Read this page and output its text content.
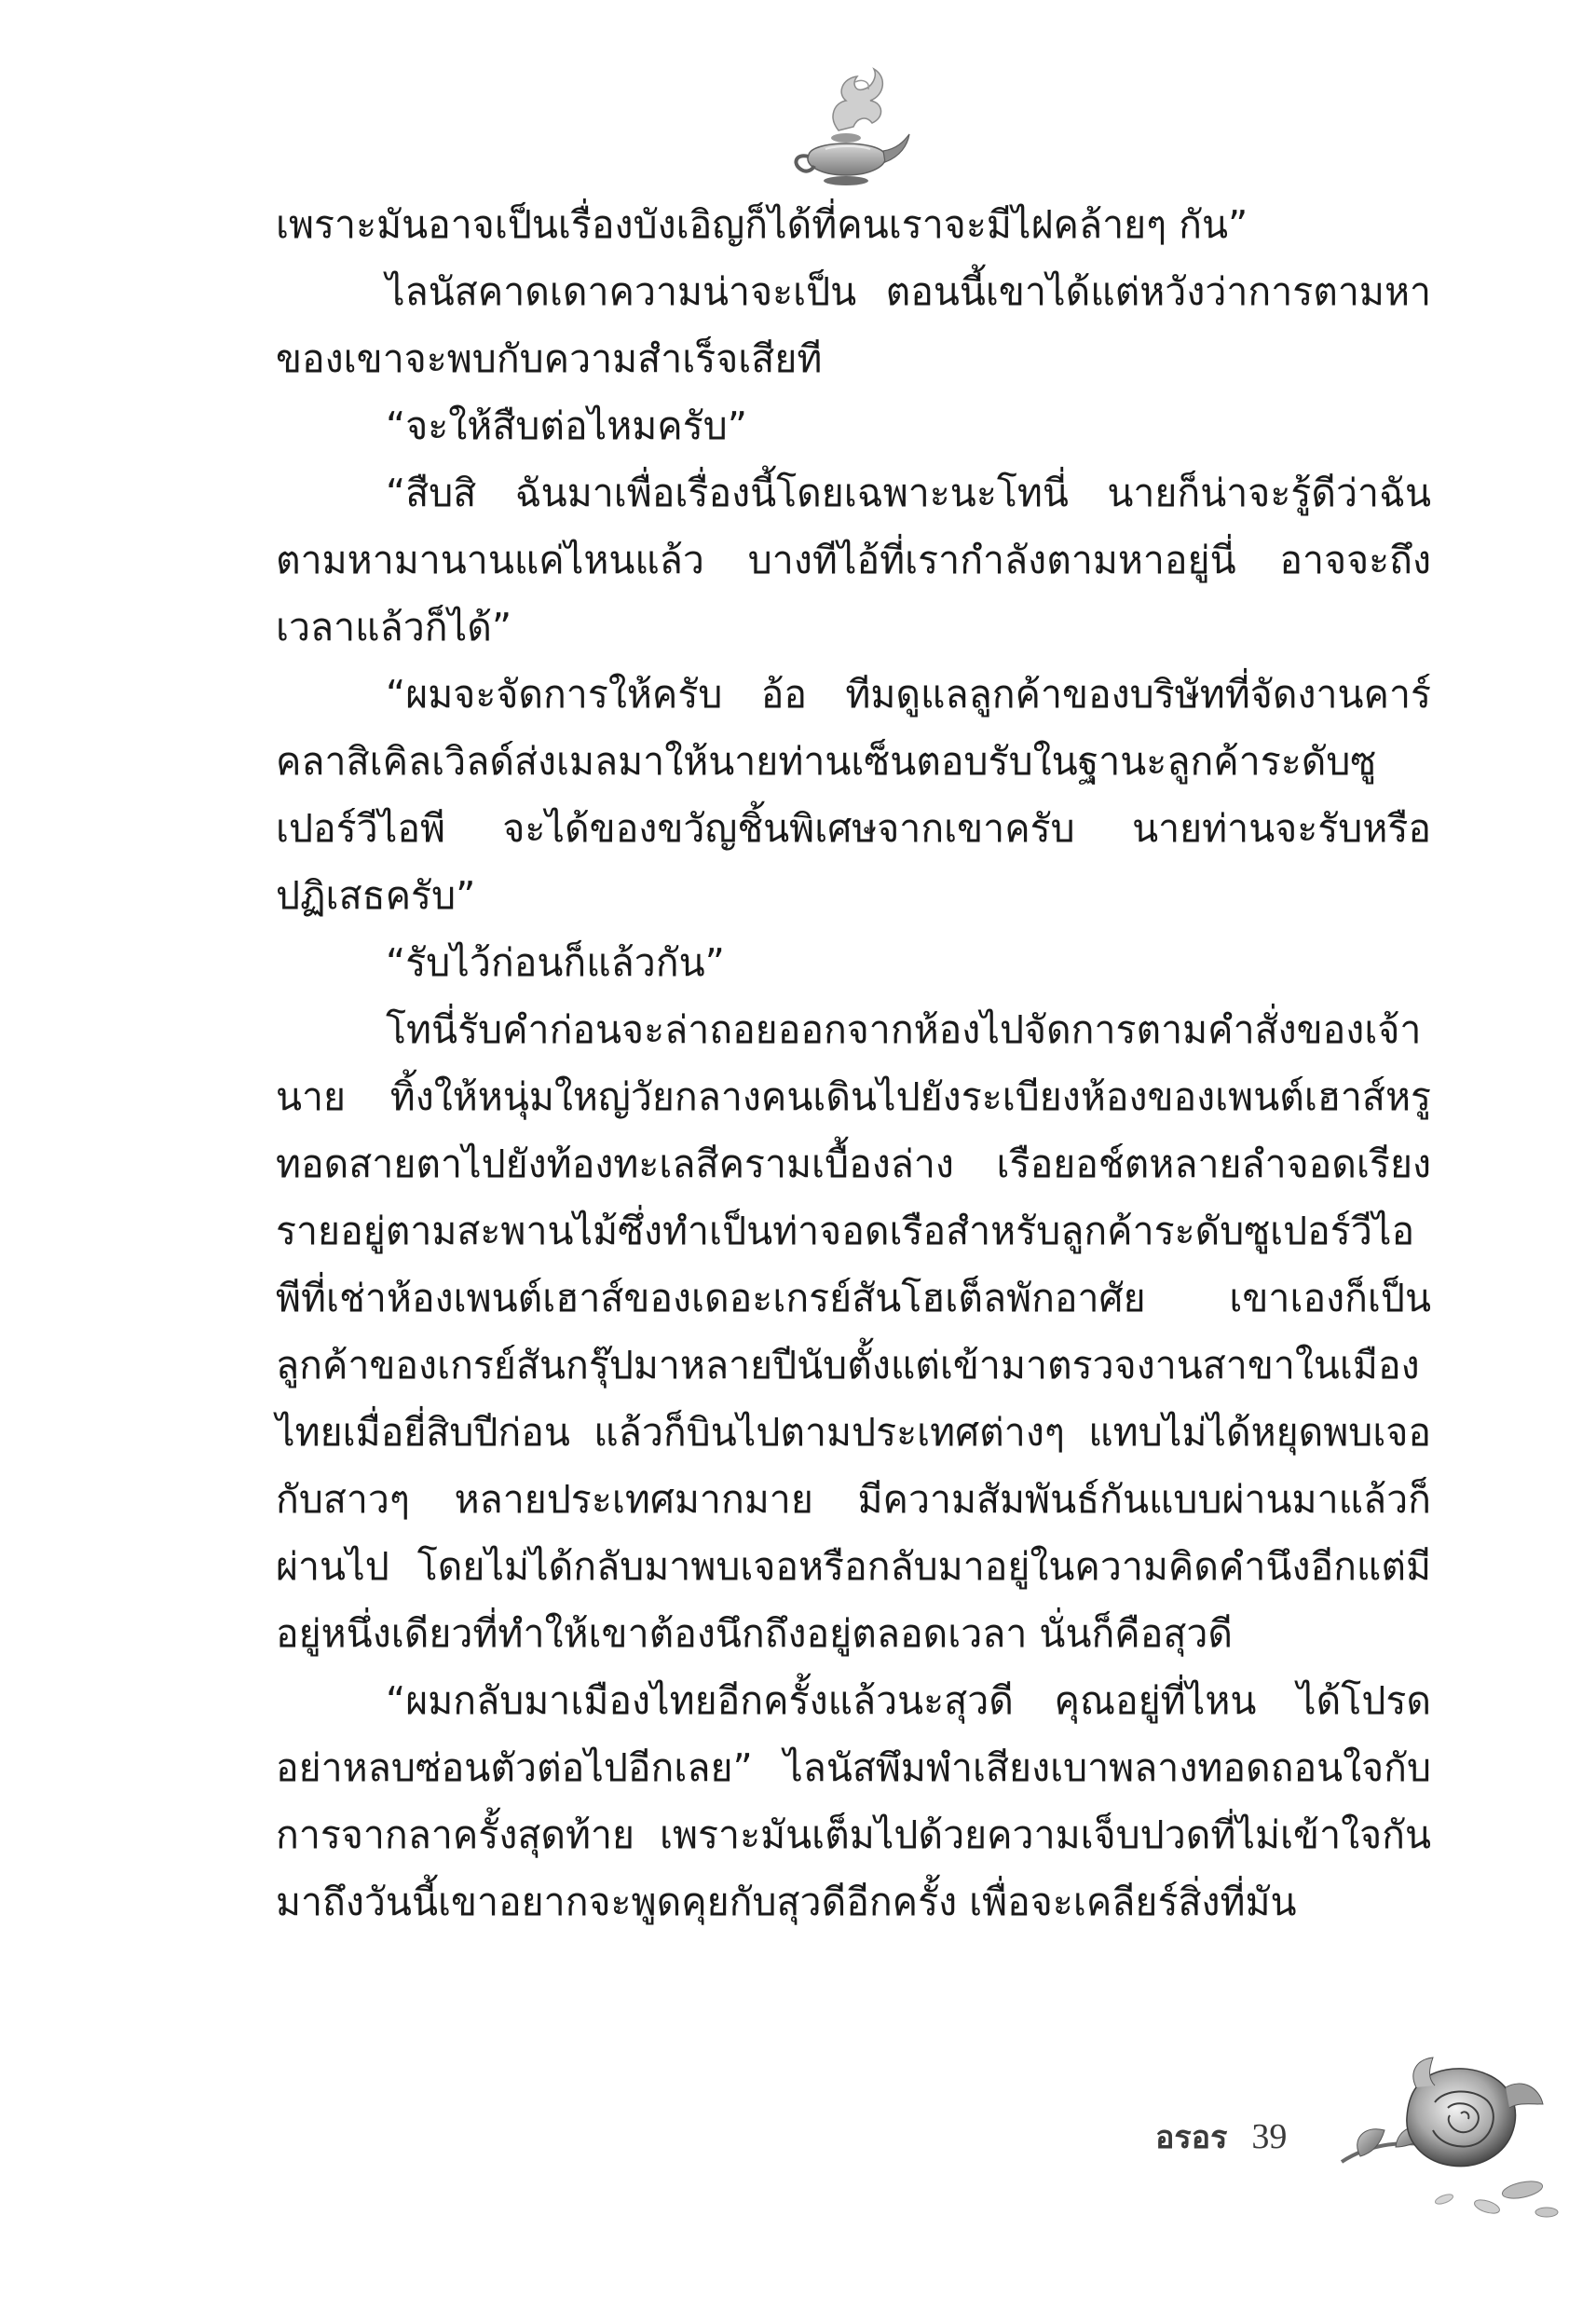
เพราะมันอาจเป็นเรื่องบังเอิญก็ได้ที่คนเราจะมีไฝคล้ายๆ กัน”

ไลนัสคาดเดาความน่าจะเป็น ตอนนี้เขาได้แต่หวังว่าการตามหาของเขาจะพบกับความสำเร็จเสียที

“จะให้สืบต่อไหมครับ”

“สืบสิ ฉันมาเพื่อเรื่องนี้โดยเฉพาะนะโทนี่ นายก็น่าจะรู้ดีว่าฉันตามหามานานแค่ไหนแล้ว บางทีไอ้ที่เรากำลังตามหาอยู่นี่ อาจจะถึงเวลาแล้วก็ได้”

“ผมจะจัดการให้ครับ อ้อ ทีมดูแลลูกค้าของบริษัทที่จัดงานคาร์คลาสิเคิลเวิลด์ส่งเมลมาให้นายท่านเซ็นตอบรับในฐานะลูกค้าระดับซูเปอร์วีไอพี จะได้ของขวัญชิ้นพิเศษจากเขาครับ นายท่านจะรับหรือปฏิเสธครับ”

“รับไว้ก่อนก็แล้วกัน”

โทนี่รับคำก่อนจะล่าถอยออกจากห้องไปจัดการตามคำสั่งของเจ้านาย ทิ้งให้หนุ่มใหญ่วัยกลางคนเดินไปยังระเบียงห้องของเพนต์เฮาส์หรู ทอดสายตาไปยังท้องทะเลสีครามเบื้องล่าง เรือยอช์ตหลายลำจอดเรียงรายอยู่ตามสะพานไม้ซึ่งทำเป็นท่าจอดเรือสำหรับลูกค้าระดับซูเปอร์วีไอพีที่เช่าห้องเพนต์เฮาส์ของเดอะเกรย์สันโฮเต็ลพักอาศัย เขาเองก็เป็นลูกค้าของเกรย์สันกรุ๊ปมาหลายปีนับตั้งแต่เข้ามาตรวจงานสาขาในเมืองไทยเมื่อยี่สิบปีก่อน แล้วก็บินไปตามประเทศต่างๆ แทบไม่ได้หยุดพบเจอกับสาวๆ หลายประเทศมากมาย มีความสัมพันธ์กันแบบผ่านมาแล้วก็ผ่านไป โดยไม่ได้กลับมาพบเจอหรือกลับมาอยู่ในความคิดคำนึงอีกแต่มีอยู่หนึ่งเดียวที่ทำให้เขาต้องนึกถึงอยู่ตลอดเวลา นั่นก็คือสุวดี

“ผมกลับมาเมืองไทยอีกครั้งแล้วนะสุวดี คุณอยู่ที่ไหน ได้โปรดอย่าหลบซ่อนตัวต่อไปอีกเลย” ไลนัสพึมพำเสียงเบาพลางทอดถอนใจกับการจากลาครั้งสุดท้าย เพราะมันเต็มไปด้วยความเจ็บปวดที่ไม่เข้าใจกันมาถึงวันนี้เขาอยากจะพูดคุยกับสุวดีอีกครั้ง เพื่อจะเคลียร์สิ่งที่มัน

อรอร 39
